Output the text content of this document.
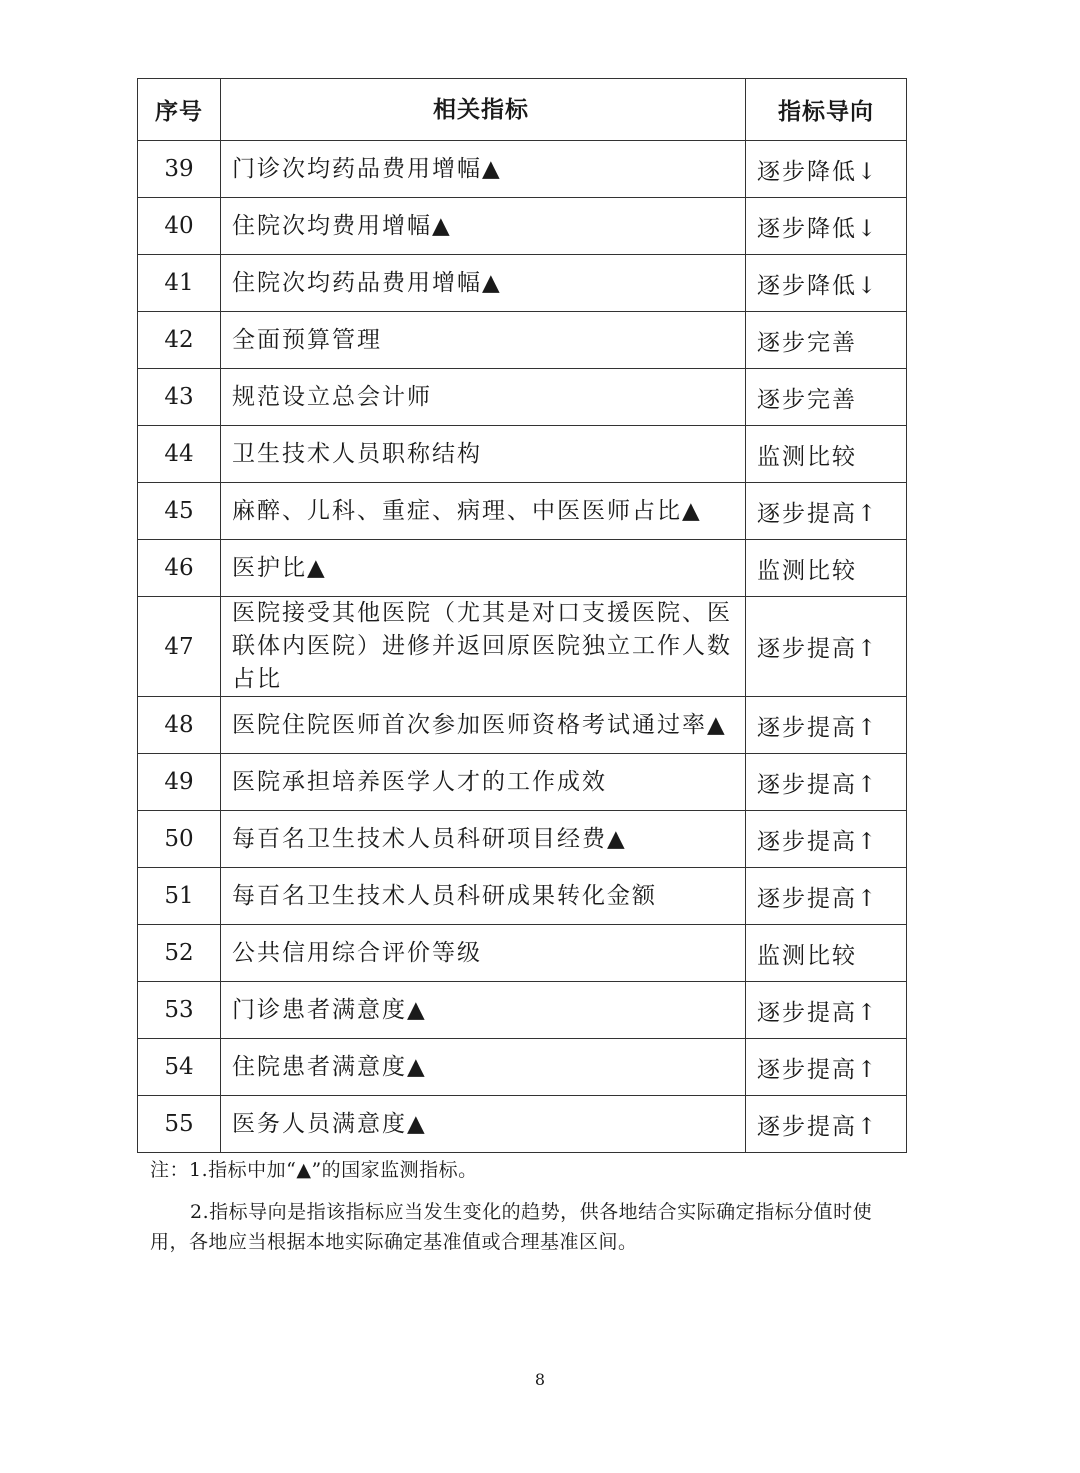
序号	相关指标	指标导向
39	门诊次均药品费用增幅▲	逐步降低↓
40	住院次均费用增幅▲	逐步降低↓
41	住院次均药品费用增幅▲	逐步降低↓
42	全面预算管理	逐步完善
43	规范设立总会计师	逐步完善
44	卫生技术人员职称结构	监测比较
45	麻醉、儿科、重症、病理、中医医师占比▲	逐步提高↑
46	医护比▲	监测比较
47	医院接受其他医院（尤其是对口支援医院、医联体内医院）进修并返回原医院独立工作人数占比	逐步提高↑
48	医院住院医师首次参加医师资格考试通过率▲	逐步提高↑
49	医院承担培养医学人才的工作成效	逐步提高↑
50	每百名卫生技术人员科研项目经费▲	逐步提高↑
51	每百名卫生技术人员科研成果转化金额	逐步提高↑
52	公共信用综合评价等级	监测比较
53	门诊患者满意度▲	逐步提高↑
54	住院患者满意度▲	逐步提高↑
55	医务人员满意度▲	逐步提高↑

注：1.指标中加“▲”的国家监测指标。

2.指标导向是指该指标应当发生变化的趋势，供各地结合实际确定指标分值时使用，各地应当根据本地实际确定基准值或合理基准区间。

8
